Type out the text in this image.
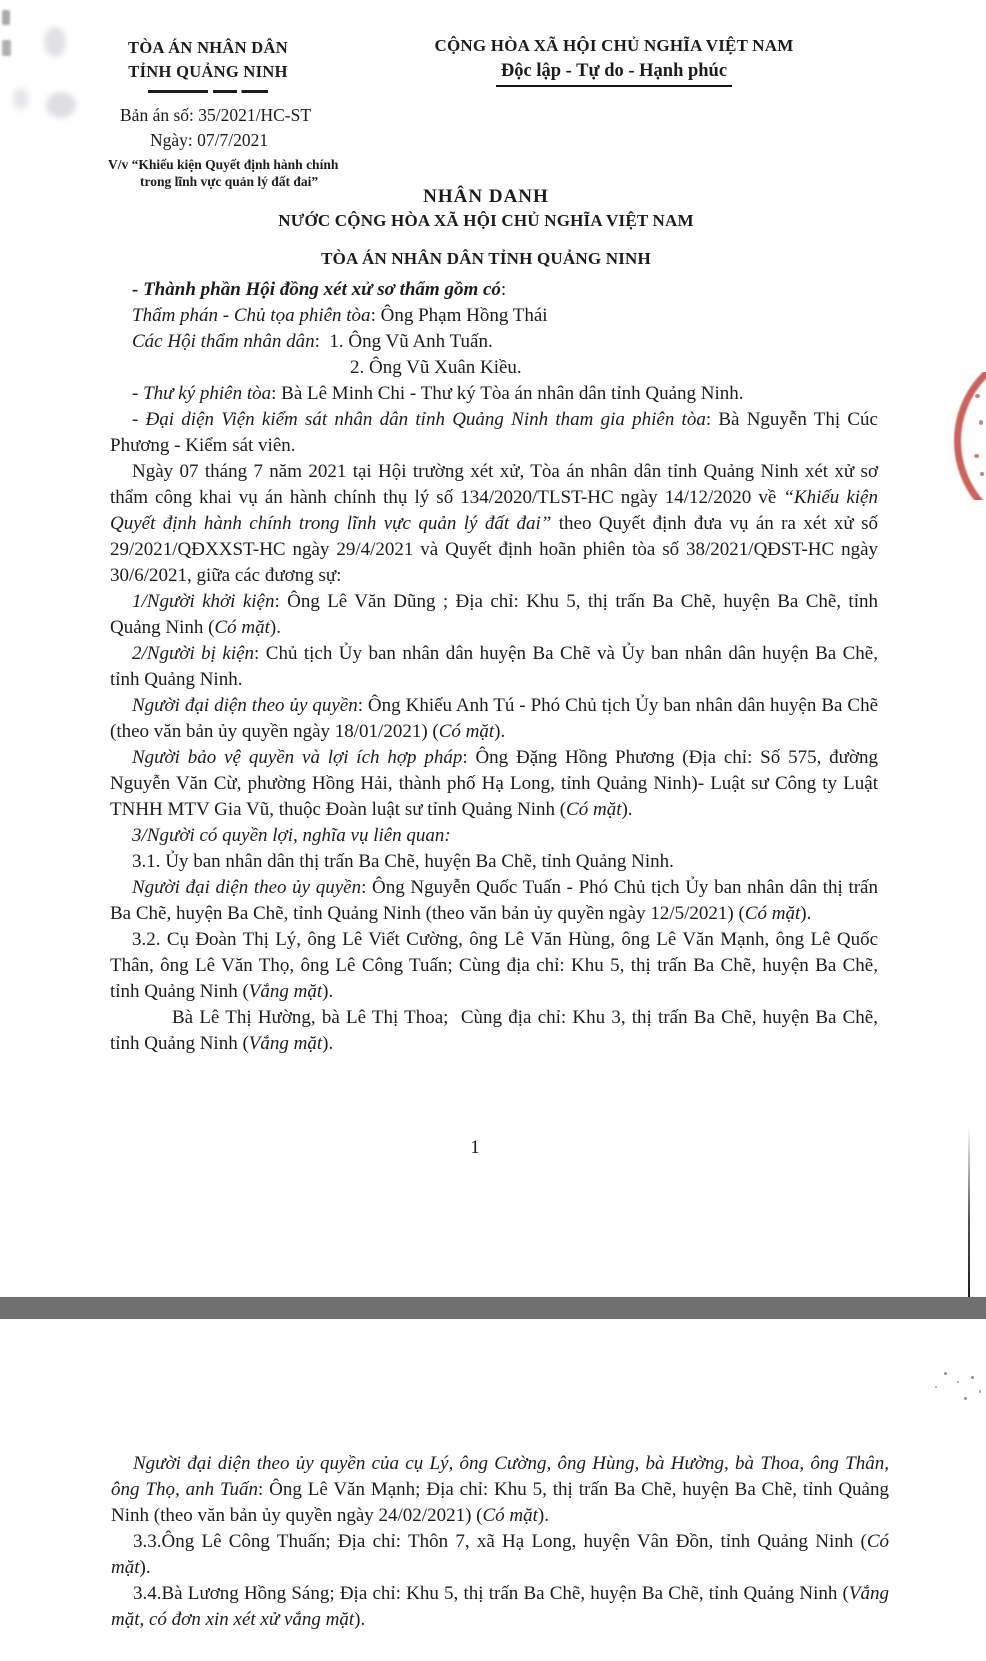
TÒA ÁN NHÂN DÂN
TỈNH QUẢNG NINH
CỘNG HÒA XÃ HỘI CHỦ NGHĨA VIỆT NAM
Độc lập - Tự do - Hạnh phúc
Bản án số: 35/2021/HC-ST
Ngày: 07/7/2021
V/v “Khiếu kiện Quyết định hành chính
trong lĩnh vực quản lý đất đai”
NHÂN DANH
NƯỚC CỘNG HÒA XÃ HỘI CHỦ NGHĨA VIỆT NAM
TÒA ÁN NHÂN DÂN TỈNH QUẢNG NINH

- Thành phần Hội đồng xét xử sơ thẩm gồm có:

Thẩm phán - Chủ tọa phiên tòa: Ông Phạm Hồng Thái

Các Hội thẩm nhân dân:  1. Ông Vũ Anh Tuấn.

2. Ông Vũ Xuân Kiều.

- Thư ký phiên tòa: Bà Lê Minh Chi - Thư ký Tòa án nhân dân tỉnh Quảng Ninh.

- Đại diện Viện kiểm sát nhân dân tỉnh Quảng Ninh tham gia phiên tòa: Bà Nguyễn Thị Cúc Phương - Kiểm sát viên.

Ngày 07 tháng 7 năm 2021 tại Hội trường xét xử, Tòa án nhân dân tỉnh Quảng Ninh xét xử sơ thẩm công khai vụ án hành chính thụ lý số 134/2020/TLST-HC ngày 14/12/2020 về “Khiếu kiện Quyết định hành chính trong lĩnh vực quản lý đất đai” theo Quyết định đưa vụ án ra xét xử số 29/2021/QĐXXST-HC ngày 29/4/2021 và Quyết định hoãn phiên tòa số 38/2021/QĐST-HC ngày 30/6/2021, giữa các đương sự:

1/Người khởi kiện: Ông Lê Văn Dũng ; Địa chỉ: Khu 5, thị trấn Ba Chẽ, huyện Ba Chẽ, tỉnh Quảng Ninh (Có mặt).

2/Người bị kiện: Chủ tịch Ủy ban nhân dân huyện Ba Chẽ và Ủy ban nhân dân huyện Ba Chẽ, tỉnh Quảng Ninh.

Người đại diện theo ủy quyền: Ông Khiếu Anh Tú - Phó Chủ tịch Ủy ban nhân dân huyện Ba Chẽ (theo văn bản ủy quyền ngày 18/01/2021) (Có mặt).

Người bảo vệ quyền và lợi ích hợp pháp: Ông Đặng Hồng Phương (Địa chỉ: Số 575, đường Nguyễn Văn Cừ, phường Hồng Hải, thành phố Hạ Long, tỉnh Quảng Ninh)- Luật sư Công ty Luật TNHH MTV Gia Vũ, thuộc Đoàn luật sư tỉnh Quảng Ninh (Có mặt).

3/Người có quyền lợi, nghĩa vụ liên quan:

3.1. Ủy ban nhân dân thị trấn Ba Chẽ, huyện Ba Chẽ, tỉnh Quảng Ninh.

Người đại diện theo ủy quyền: Ông Nguyễn Quốc Tuấn - Phó Chủ tịch Ủy ban nhân dân thị trấn Ba Chẽ, huyện Ba Chẽ, tỉnh Quảng Ninh (theo văn bản ủy quyền ngày 12/5/2021) (Có mặt).

3.2. Cụ Đoàn Thị Lý, ông Lê Viết Cường, ông Lê Văn Hùng, ông Lê Văn Mạnh, ông Lê Quốc Thân, ông Lê Văn Thọ, ông Lê Công Tuấn; Cùng địa chỉ: Khu 5, thị trấn Ba Chẽ, huyện Ba Chẽ, tỉnh Quảng Ninh (Vắng mặt).

Bà Lê Thị Hường, bà Lê Thị Thoa;  Cùng địa chỉ: Khu 3, thị trấn Ba Chẽ, huyện Ba Chẽ, tỉnh Quảng Ninh (Vắng mặt).

1

Người đại diện theo ủy quyền của cụ Lý, ông Cường, ông Hùng, bà Hường, bà Thoa, ông Thân, ông Thọ, anh Tuấn: Ông Lê Văn Mạnh; Địa chỉ: Khu 5, thị trấn Ba Chẽ, huyện Ba Chẽ, tỉnh Quảng Ninh (theo văn bản ủy quyền ngày 24/02/2021) (Có mặt).

3.3.Ông Lê Công Thuấn; Địa chỉ: Thôn 7, xã Hạ Long, huyện Vân Đồn, tỉnh Quảng Ninh (Có mặt).

3.4.Bà Lương Hồng Sáng; Địa chỉ: Khu 5, thị trấn Ba Chẽ, huyện Ba Chẽ, tỉnh Quảng Ninh (Vắng mặt, có đơn xin xét xử vắng mặt).
